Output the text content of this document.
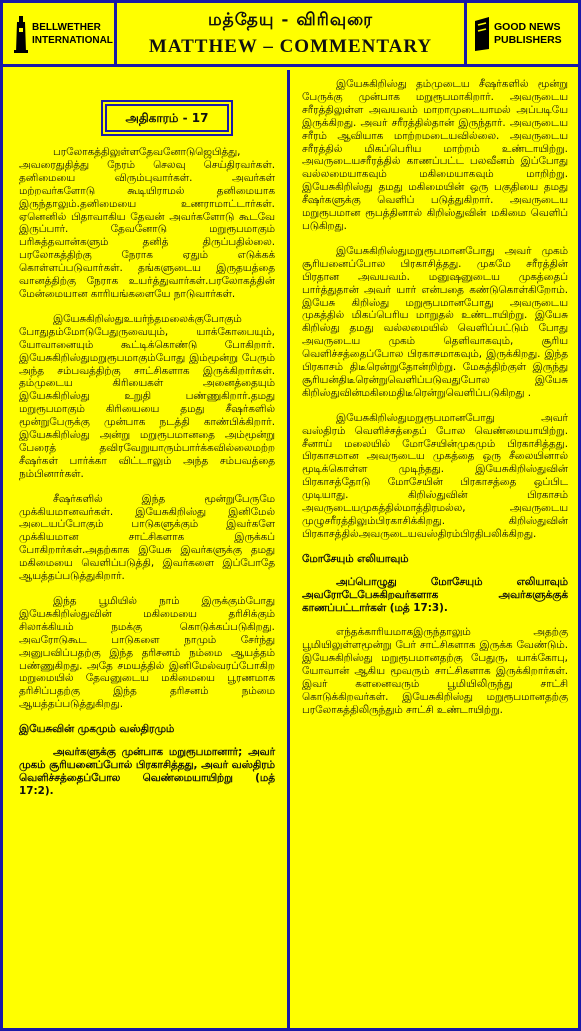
BELLWETHER INTERNATIONAL
மத்தேயு - விரிவுரை
MATTHEW – COMMENTARY
GOOD NEWS PUBLISHERS
அதிகாரம் - 17

பரலோகத்திலுள்ளதேவனோடுஜெபித்து, அவரைதுதித்து நேரம் செலவு செய்திரவர்கள். தனிமையை விரும்புவார்கள். அவர்கள் மற்றவர்களோடு கூடியிராமல் தனிமையாக இருந்தாலும்.தனிமையை உணராமாட்டார்கள். ஏனெனில் பிதாவாகிய தேவன் அவர்களோடு கூடவே இருப்பார். தேவனோடு மறுரூபமாகும் பரிசுத்தவான்களும் தனித் திருப்பதில்லை. பரலோகத்திற்கு நேராக ஏதும் எடுக்கக் கொள்ளப்படுவார்கள். தங்களுடைய இருதயத்தை வானத்திற்கு நேராக உயர்த்துவார்கள்.பரலோகத்தின் மேன்மையான காரியங்களையே நாடுவார்கள்.

இயேசுகிறிஸ்துஉயர்ந்தமலைக்குபோகும் போதுதம்மோடுபேதுருவையும், யாக்கோபையும், யோவானையும் கூட்டிக்கொண்டு போகிறார். இயேசுகிறிஸ்துமறுரூபமாகும்போது இம்மூன்று பேரும் அந்த சம்பவத்திற்கு சாட்சிகளாக இருக்கிறார்கள். தம்முடைய கிரியைகள் அனைத்தையும் இயேசுகிறிஸ்து உறுதி பண்ணுகிறார்.தமது மறுரூபமாகும் கிரியையை தமது சீஷர்களில் மூன்றுபேருக்கு முன்பாக நடத்தி காண்பிக்கிறார். இயேசுகிறிஸ்து அன்று மறுரூபமானதை அம்மூன்று பேரைத் தவிரவேறுயாரும்பார்க்கவில்லைமற்ற சீஷர்கள் பார்க்கா விட்டாலும் அந்த சம்பவத்தை நம்பினார்கள்.

சீஷர்களில் இந்த மூன்றுபேருமே முக்கியமானவர்கள். இயேசுகிறிஸ்து இனிமேல் அடையப்போகும் பாடுகளுக்கும் இவர்களே முக்கியமான சாட்சிகளாக இருக்கப் போகிறார்கள்.அதற்காக இயேசு இவர்களுக்கு தமது மகிமையை வெளிப்படுத்தி, இவர்களை இப்போதே ஆயத்தப்படுத்துகிறார்.

இந்த பூமியில் நாம் இருக்கும்போது இயேசுகிறிஸ்துவின் மகிமையை தரிசிக்கும் சிலாக்கியம் நமக்கு கொடுக்கப்படுகிறது. அவரோடுகூட பாடுகளை நாமும் சேர்ந்து அனுபவிப்பதற்கு இந்த தரிசனம் நம்மை ஆயத்தம் பண்ணுகிறது. அதே சமயத்தில் இனிமேல்வரப்போகிற மறுமையில் தேவனுடைய மகிமையை பூரணமாக தரிசிப்பதற்கு இந்த தரிசனம் நம்மை ஆயத்தப்படுத்துகிறது.

இயேசுவின் முகமும் வஸ்திரமும்

அவர்களுக்கு முன்பாக மறுரூபமானார்; அவர் முகம் சூரியனைப்போல் பிரகாசித்தது, அவர் வஸ்திரம் வெளிச்சத்தைப்போல வெண்மையாயிற்று (மத் 17:2).

இயேசுகிறிஸ்து தம்முடைய சீஷர்களில் மூன்று பேருக்கு முன்பாக மறுரூபமாகிறார். அவருடைய சரீரத்திலுள்ள அவயவம் மாறாமுடையாமல் அப்படியே இருக்கிறது. அவர் சரீரத்தில்தான் இருந்தார். அவருடைய சரீரம் ஆவியாக மாற்றமடையவில்லை. அவருடைய சரீரத்தில் மிகப்பெரிய மாற்றம் உண்டாயிற்று. அவருடையசரீரத்தில் காணப்பட்ட பலவீனம் இப்போது வல்லமையாகவும் மகிமையாகவும் மாறிற்று. இயேசுகிறிஸ்து தமது மகிமையின் ஒரு பகுதியை தமது சீஷர்களுக்கு வெளிப் படுத்துகிறார். அவருடைய மறுரூபமான ரூபத்தினால் கிறிஸ்துவின் மகிமை வெளிப் படுகிறது.

இயேசுகிறிஸ்துமறுரூபமானபோது அவர் முகம் சூரியனைப்போல பிரகாசித்தது. முகமே சரீரத்தின் பிரதான அவயவம். மனுஷனுடைய முகத்தைப் பார்த்துதான் அவர் யார் என்பதை கண்டுகொள்கிறோம். இயேசு கிறிஸ்து மறுரூபமானபோது அவருடைய முகத்தில் மிகப்பெரிய மாறுதல் உண்டாயிற்று. இயேசு கிறிஸ்து தமது வல்லமையில் வெளிப்பட்டும் போது அவருடைய முகம் தெளிவாகவும், சூரிய வெளிச்சத்தைப்போல பிரகாசமாகவும், இருக்கிறது. இந்த பிரகாசம் திடீரென்றுதோன்றிற்று. மேகத்திற்குள் இருந்து சூரியன்திடீரென்றுவெளிப்படுவதுபோல இயேசு கிறிஸ்துவின்மகிமைதிடீரென்றுவெளிப்படுகிறது .

இயேசுகிறிஸ்துமறுரூபமானபோது அவர் வஸ்திரம் வெளிச்சத்தைப் போல வெண்மையாயிற்று. சீனாய் மலையில் மோசேயின்முகமும் பிரகாசித்தது. பிரகாசமான அவருடைய முகத்தை ஒரு சீலையினால் மூடிக்கொள்ள முடிந்தது. இயேசுகிறிஸ்துவின் பிரகாசத்தோடு மோசேயின் பிரகாசத்தை ஒப்பிட முடியாது. கிறிஸ்துவின் பிரகாசம் அவருடையமுகத்தில்மாத்திரமல்ல, அவருடைய முழுசரீரத்திலும்பிரகாசிக்கிறது. கிறிஸ்துவின் பிரகாசத்தில்அவருடையவஸ்திரம்பிரதிபலிக்கிறது.

மோசேயும் எலியாவும்

அப்பொழுது மோசேயும் எலியாவும் அவரோடேபேசுகிறவர்களாக அவர்களுக்குக் காணப்பட்டார்கள் (மத் 17:3).

எந்தக்காரியமாகஇருந்தாலும் அதற்கு பூமியிலுள்ளமூன்று பேர் சாட்சிகளாக இருக்க வேண்டும். இயேசுகிறிஸ்து மறுரூபமானதற்கு பேதுரு, யாக்கோபு, யோவான் ஆகிய மூவரும் சாட்சிகளாக இருக்கிறார்கள். இவர் களனைவரும் பூமியிலிருந்து சாட்சி கொடுக்கிறவர்கள். இயேசுகிறிஸ்து மறுரூபமானதற்கு பரலோகத்திலிருந்தும் சாட்சி உண்டாயிற்று.
